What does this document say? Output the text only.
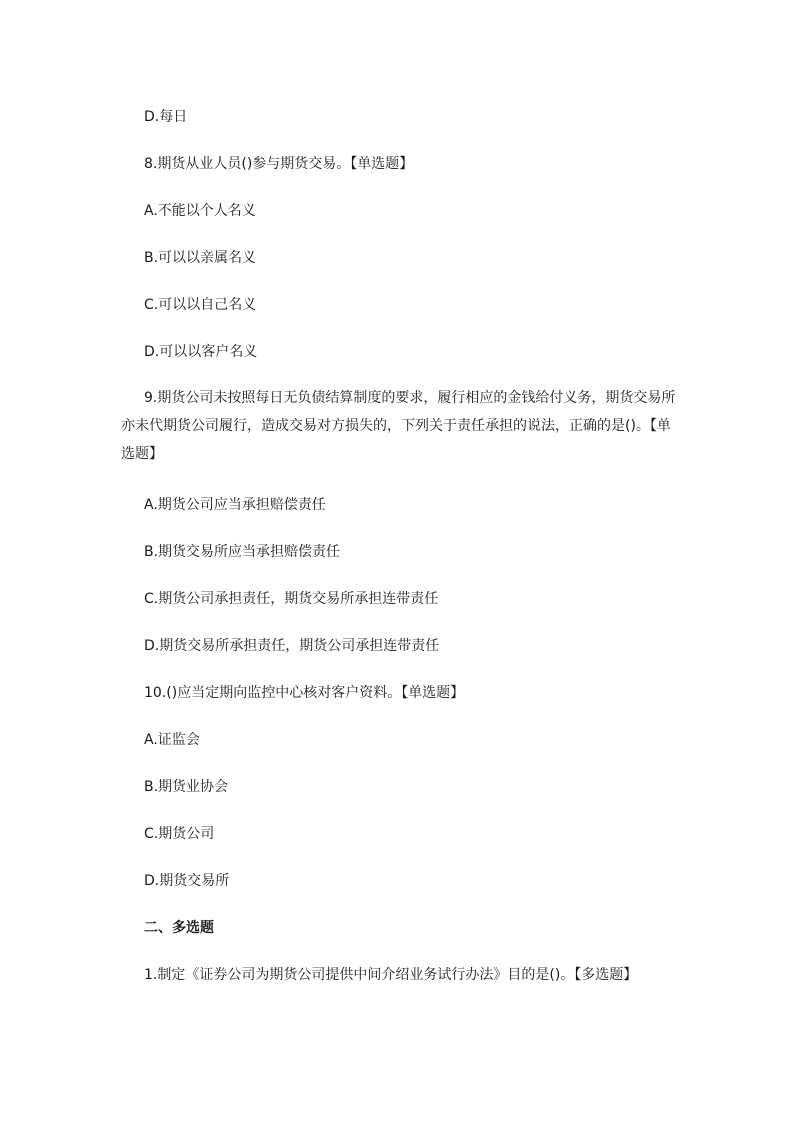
D.每日
8.期货从业人员()参与期货交易。【单选题】
A.不能以个人名义
B.可以以亲属名义
C.可以以自己名义
D.可以以客户名义
9.期货公司未按照每日无负债结算制度的要求，履行相应的金钱给付义务，期货交易所亦未代期货公司履行，造成交易对方损失的，下列关于责任承担的说法，正确的是()。【单选题】
A.期货公司应当承担赔偿责任
B.期货交易所应当承担赔偿责任
C.期货公司承担责任，期货交易所承担连带责任
D.期货交易所承担责任，期货公司承担连带责任
10.()应当定期向监控中心核对客户资料。【单选题】
A.证监会
B.期货业协会
C.期货公司
D.期货交易所
二、多选题
1.制定《证券公司为期货公司提供中间介绍业务试行办法》目的是()。【多选题】
